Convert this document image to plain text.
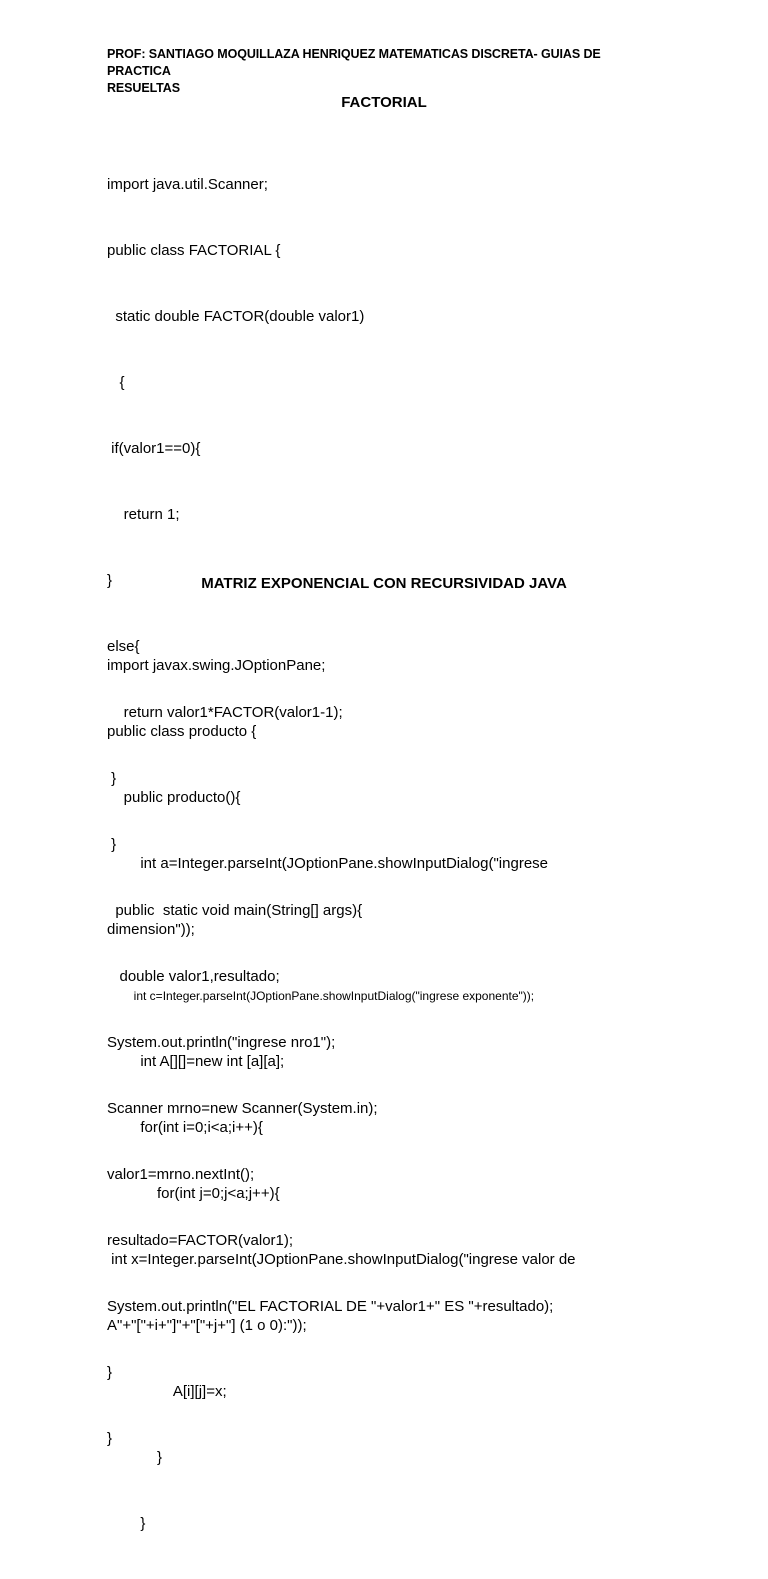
PROF: SANTIAGO MOQUILLAZA HENRIQUEZ MATEMATICAS DISCRETA- GUIAS DE PRACTICA
RESUELTAS
FACTORIAL

import java.util.Scanner;

public class FACTORIAL {

static double FACTOR(double valor1)

{

if(valor1==0){

return 1;

}

else{

return valor1*FACTOR(valor1-1);

}

}

public  static void main(String[] args){

double valor1,resultado;

System.out.println("ingrese nro1");

Scanner mrno=new Scanner(System.in);

valor1=mrno.nextInt();

resultado=FACTOR(valor1);

System.out.println("EL FACTORIAL DE "+valor1+" ES "+resultado);

}

}

MATRIZ EXPONENCIAL CON RECURSIVIDAD JAVA

import javax.swing.JOptionPane;

public class producto {

public producto(){

int a=Integer.parseInt(JOptionPane.showInputDialog("ingrese

dimension"));

int c=Integer.parseInt(JOptionPane.showInputDialog("ingrese exponente"));

int A[][]=new int [a][a];

for(int i=0;i<a;i++){

for(int j=0;j<a;j++){

int x=Integer.parseInt(JOptionPane.showInputDialog("ingrese valor de

A"+"["+i+"]"+"["+j+"] (1 o 0):"));

A[i][j]=x;

}

}
